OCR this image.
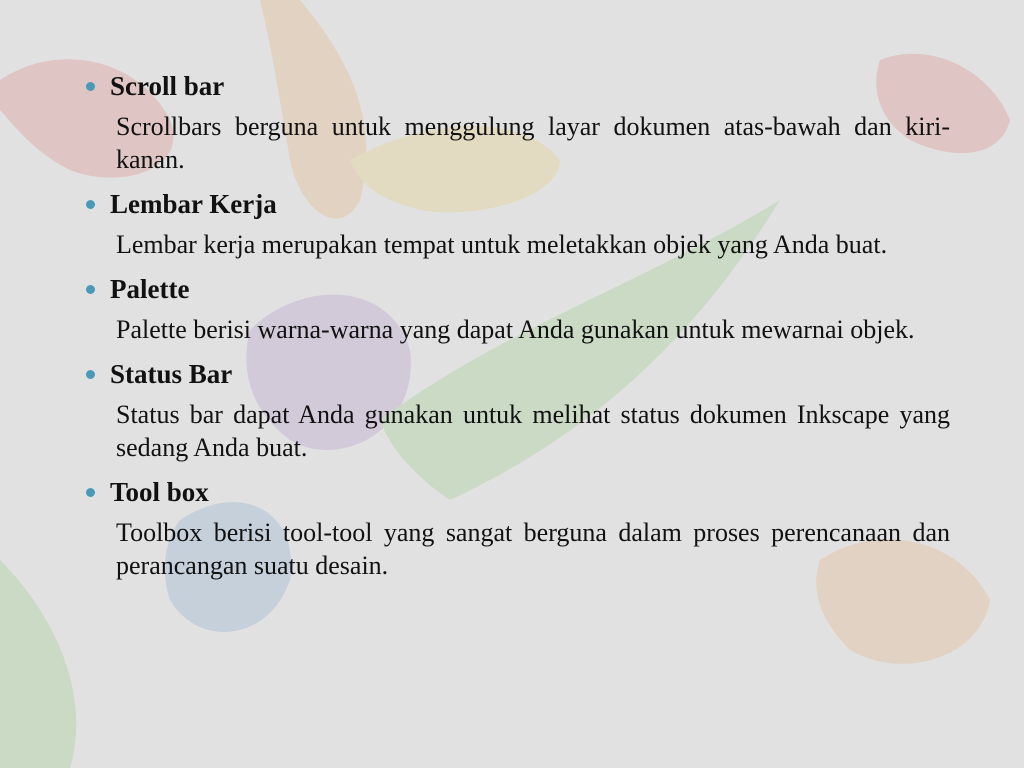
Scroll bar
Scrollbars berguna untuk menggulung layar dokumen atas-bawah dan kiri-kanan.
Lembar Kerja
Lembar kerja merupakan tempat untuk meletakkan objek yang Anda buat.
Palette
Palette berisi warna-warna yang dapat Anda gunakan untuk mewarnai objek.
Status Bar
Status bar dapat Anda gunakan untuk melihat status dokumen Inkscape yang sedang Anda buat.
Tool box
Toolbox berisi tool-tool yang sangat berguna dalam proses perencanaan dan perancangan suatu desain.
